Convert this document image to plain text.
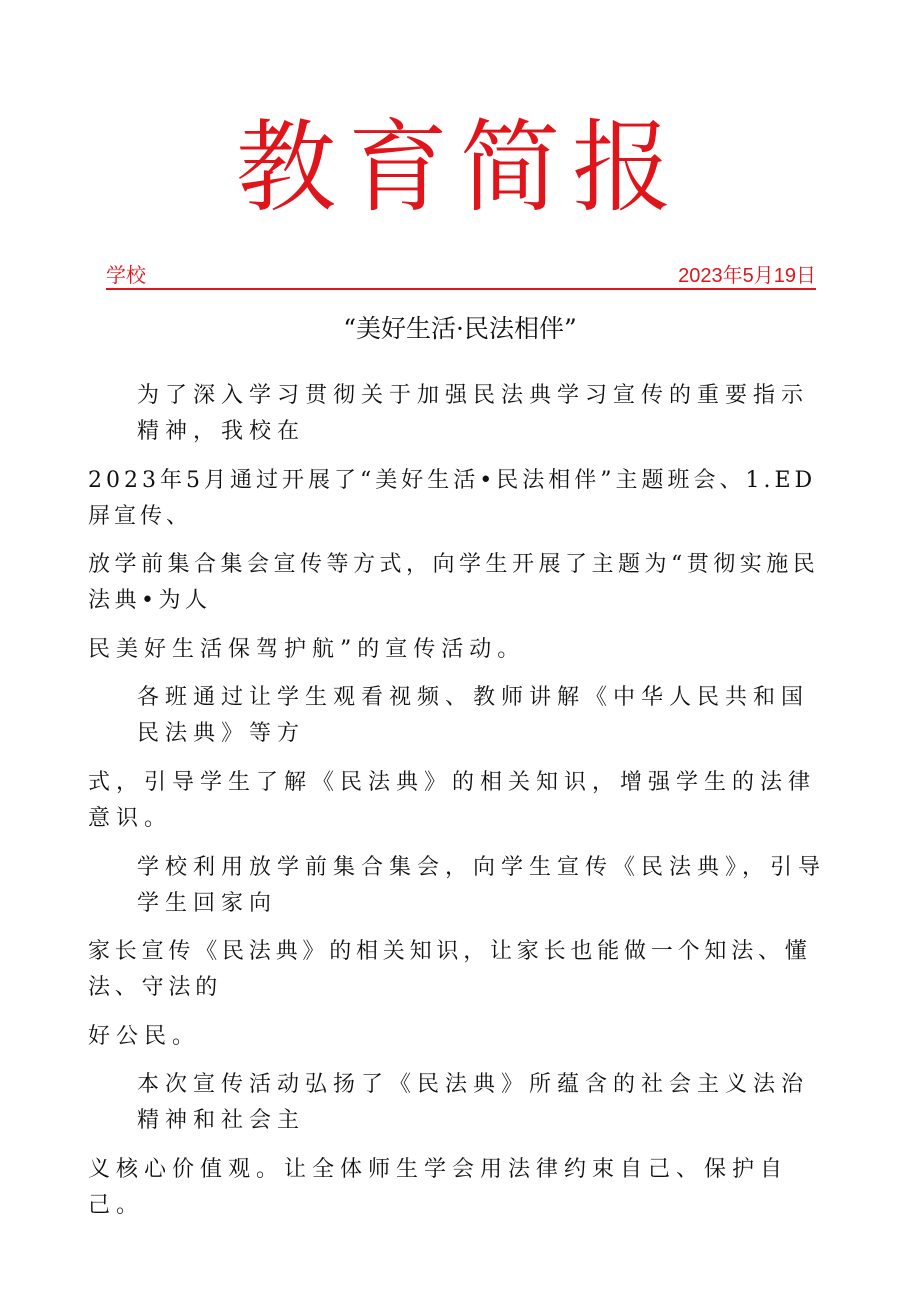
教育简报
学校	2023年5月19日
“美好生活·民法相伴”
为了深入学习贯彻关于加强民法典学习宣传的重要指示精神，我校在
2023年5月通过开展了“美好生活•民法相伴”主题班会、1.ED屏宣传、
放学前集合集会宣传等方式，向学生开展了主题为“贯彻实施民法典•为人
民美好生活保驾护航”的宣传活动。
各班通过让学生观看视频、教师讲解《中华人民共和国民法典》等方
式，引导学生了解《民法典》的相关知识，增强学生的法律意识。
学校利用放学前集合集会，向学生宣传《民法典》，引导学生回家向
家长宣传《民法典》的相关知识，让家长也能做一个知法、懂法、守法的
好公民。
本次宣传活动弘扬了《民法典》所蕴含的社会主义法治精神和社会主
义核心价值观。让全体师生学会用法律约束自己、保护自己。
